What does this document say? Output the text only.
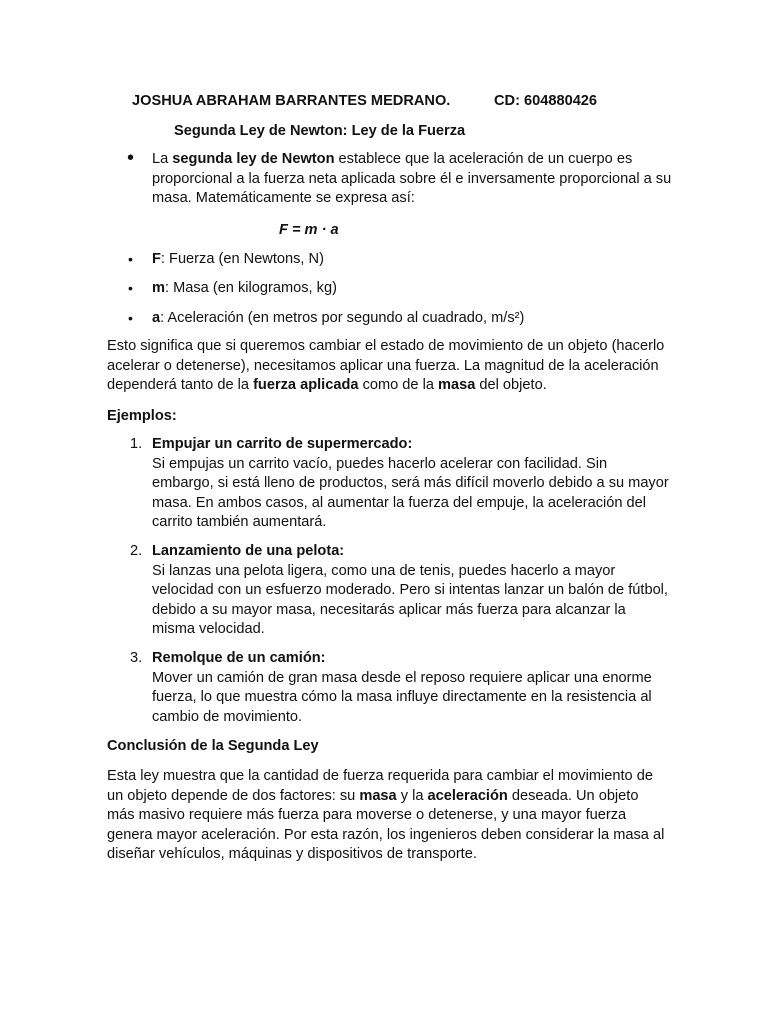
JOSHUA ABRAHAM BARRANTES MEDRANO.	CD: 604880426
Segunda Ley de Newton: Ley de la Fuerza
• La segunda ley de Newton establece que la aceleración de un cuerpo es proporcional a la fuerza neta aplicada sobre él e inversamente proporcional a su masa. Matemáticamente se expresa así:
F = m · a
• F: Fuerza (en Newtons, N)
• m: Masa (en kilogramos, kg)
• a: Aceleración (en metros por segundo al cuadrado, m/s²)
Esto significa que si queremos cambiar el estado de movimiento de un objeto (hacerlo acelerar o detenerse), necesitamos aplicar una fuerza. La magnitud de la aceleración dependerá tanto de la fuerza aplicada como de la masa del objeto.
Ejemplos:
1. Empujar un carrito de supermercado:
Si empujas un carrito vacío, puedes hacerlo acelerar con facilidad. Sin embargo, si está lleno de productos, será más difícil moverlo debido a su mayor masa. En ambos casos, al aumentar la fuerza del empuje, la aceleración del carrito también aumentará.
2. Lanzamiento de una pelota:
Si lanzas una pelota ligera, como una de tenis, puedes hacerlo a mayor velocidad con un esfuerzo moderado. Pero si intentas lanzar un balón de fútbol, debido a su mayor masa, necesitarás aplicar más fuerza para alcanzar la misma velocidad.
3. Remolque de un camión:
Mover un camión de gran masa desde el reposo requiere aplicar una enorme fuerza, lo que muestra cómo la masa influye directamente en la resistencia al cambio de movimiento.
Conclusión de la Segunda Ley
Esta ley muestra que la cantidad de fuerza requerida para cambiar el movimiento de un objeto depende de dos factores: su masa y la aceleración deseada. Un objeto más masivo requiere más fuerza para moverse o detenerse, y una mayor fuerza genera mayor aceleración. Por esta razón, los ingenieros deben considerar la masa al diseñar vehículos, máquinas y dispositivos de transporte.
